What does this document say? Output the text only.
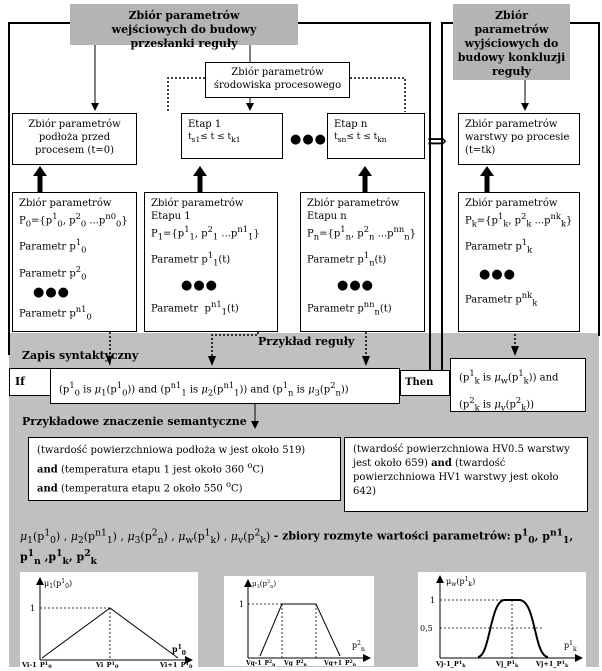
Zbiór parametrów wejściowych do budowy przesłanki reguły
Zbiór parametrów wyjściowych do budowy konkluzji reguły
Zbiór parametrów środowiska procesowego
Zbiór parametrów podłoża przed procesem (t=0)
Etap 1
$t_{s1}\le t \le t_{k1}$	●●●
Etap n
$t_{sn}\le t \le t_{kn}$	⇒
Zbiór parametrów warstwy po procesie (t=tk)
Zbiór parametrów
$P_0=\{p^1_0$, $p^2_0$ $...p^{n0}_0$}
Parametr $p^1_0$
Parametr $p^2_0$
●●●
Parametr $p^{n1}_0$
Zbiór parametrów
Etapu 1
$P_1=\{p^1_1$, $p^2_1$ $...p^{n1}_1$}
Parametr $p^1_1(t)$
●●●
Parametr  $p^{n1}_1(t)$
Zbiór parametrów
Etapu n
$P_n=\{p^1_n$, $p^2_n$ $...p^{nn}_n$}
Parametr $p^1_n(t)$
●●●
Parametr $p^{nn}_n(t)$
Zbiór parametrów
$P_k=\{p^1_k$, $p^2_k$ $...p^{nk}_k$}
Parametr $p^1_k$
●●●
Parametr $p^{nk}_k$
Przykład reguły
Zapis syntaktyczny
If
($p^1_0$ is $\mu_1(p^1_0)$) and ($p^{n1}_1$ is $\mu_2(p^{n1}_1)$) and ($p^1_n$ is $\mu_3(p^2_n)$)
Then	($p^1_k$ is $\mu_w(p^1_k)$) and
($p^2_k$ is $\mu_v(p^2_k)$)
Przykładowe znaczenie semantyczne
(twardość powierzchniowa podłoża w jest około 519)
and (temperatura etapu 1 jest około 360 $^o$C)
and (temperatura etapu 2 około 550 $^o$C)
(twardość powierzchniowa HV0.5 warstwy jest około 659) and (twardość powierzchniowa HV1 warstwy jest około 642)
$\mu_1(p^1_0)$ , $\mu_2(p^{n1}_1)$ , $\mu_3(p^2_n)$ , $\mu_w(p^1_k)$ , $\mu_v(p^2_k)$ - zbiory rozmyte wartości parametrów: $p^1_0$, $p^{n1}_1$,
$p^1_n$ $,p^1_k$, $p^2_k$
$\mu_1(p^1_0)$
1
$p^1_0$
$Vi-1\_P^1_0$	$Vi\_P^1_0$	$Vi+1\_P^1_0$
$\mu_3(p^2_n)$
1
$p^2_n$
$Vg-1\_P^2_n$ $Vg\_P^2_n$	$Vg+1\_P^2_n$
$\mu_w(p^1_k)$
1
0,5
$p^1_k$
$Vj-1\_P^1_k$	$Vj\_P^1_k$	$Vj+1\_P^1_k$
